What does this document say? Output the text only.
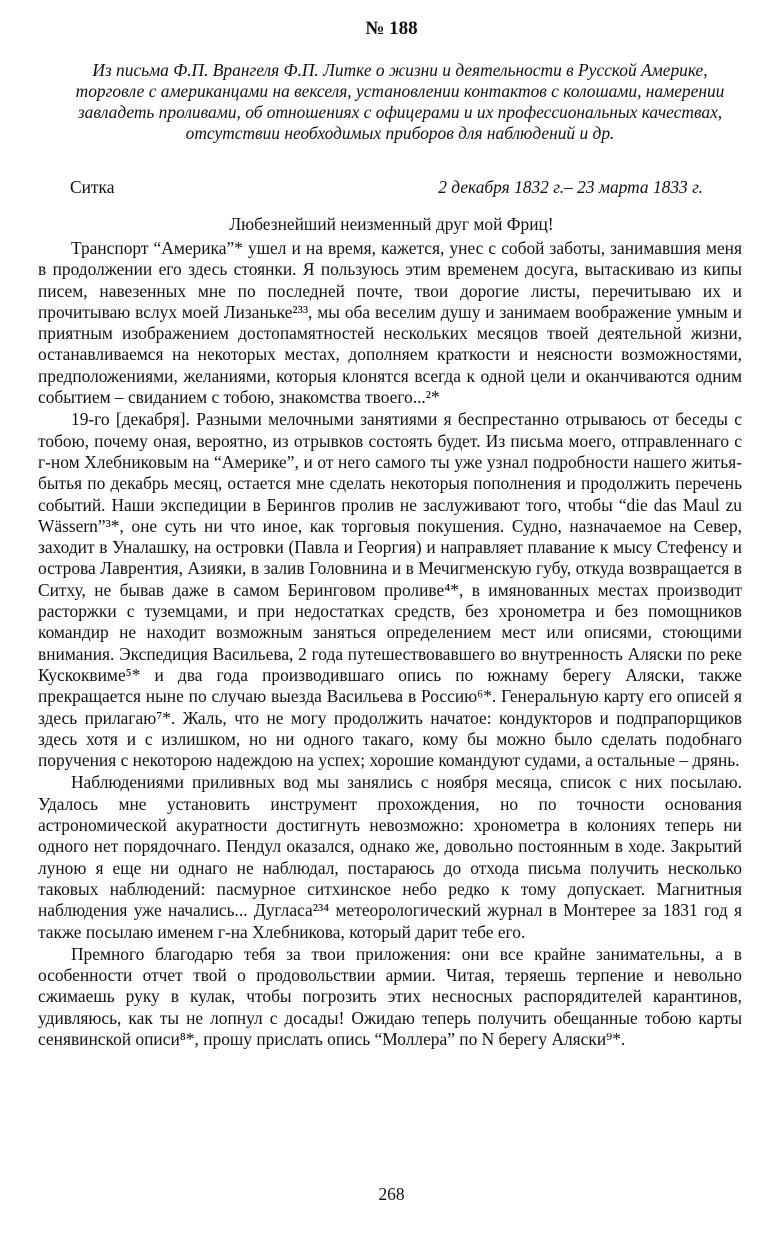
№ 188
Из письма Ф.П. Врангеля Ф.П. Литке о жизни и деятельности в Русской Америке, торговле с американцами на векселя, установлении контактов с колошами, намерении завладеть проливами, об отношениях с офицерами и их профессиональных качествах, отсутствии необходимых приборов для наблюдений и др.
Ситка	2 декабря 1832 г.– 23 марта 1833 г.
Любезнейший неизменный друг мой Фриц!

Транспорт “Америка”* ушел и на время, кажется, унес с собой заботы, занимавшия меня в продолжении его здесь стоянки. Я пользуюсь этим временем досуга, вытаскиваю из кипы писем, навезенных мне по последней почте, твои дорогие листы, перечитываю их и прочитываю вслух моей Лизаньке²³³, мы оба веселим душу и занимаем воображение умным и приятным изображением достопамятностей нескольких месяцов твоей деятельной жизни, останавливаемся на некоторых местах, дополняем краткости и неясности возможностями, предположениями, желаниями, которыя клонятся всегда к одной цели и оканчиваются одним событием – свиданием с тобою, знакомства твоего...²*

19-го [декабря]. Разными мелочными занятиями я беспрестанно отрываюсь от беседы с тобою, почему оная, вероятно, из отрывков состоять будет. Из письма моего, отправленнаго с г-ном Хлебниковым на “Америке”, и от него самого ты уже узнал подробности нашего житья-бытья по декабрь месяц, остается мне сделать некоторыя пополнения и продолжить перечень событий. Наши экспедиции в Берингов пролив не заслуживают того, чтобы “die das Maul zu Wässern”³*, оне суть ни что иное, как торговыя покушения. Судно, назначаемое на Север, заходит в Уналашку, на островки (Павла и Георгия) и направляет плавание к мысу Стефенсу и острова Лаврентия, Азияки, в залив Головнина и в Мечигменскую губу, откуда возвращается в Ситху, не бывав даже в самом Беринговом проливе⁴*, в имянованных местах производит расторжки с туземцами, и при недостатках средств, без хронометра и без помощников командир не находит возможным заняться определением мест или описями, стоющими внимания. Экспедиция Васильева, 2 года путешествовавшего во внутренность Аляски по реке Кускоквиме⁵* и два года производившаго опись по южнаму берегу Аляски, также прекращается ныне по случаю выезда Васильева в Россию⁶*. Генеральную карту его описей я здесь прилагаю⁷*. Жаль, что не могу продолжить начатое: кондукторов и подпрапорщиков здесь хотя и с излишком, но ни одного такаго, кому бы можно было сделать подобнаго поручения с некоторою надеждою на успех; хорошие командуют судами, а остальные – дрянь.

Наблюдениями приливных вод мы занялись с ноября месяца, список с них посылаю. Удалось мне установить инструмент прохождения, но по точности основания астрономической акуратности достигнуть невозможно: хронометра в колониях теперь ни одного нет порядочнаго. Пендул оказался, однако же, довольно постоянным в ходе. Закрытий луною я еще ни однаго не наблюдал, постараюсь до отхода письма получить несколько таковых наблюдений: пасмурное ситхинское небо редко к тому допускает. Магнитныя наблюдения уже начались... Дугласа²³⁴ метеорологический журнал в Монтерее за 1831 год я также посылаю именем г-на Хлебникова, который дарит тебе его.

Премного благодарю тебя за твои приложения: они все крайне занимательны, а в особенности отчет твой о продовольствии армии. Читая, теряешь терпение и невольно сжимаешь руку в кулак, чтобы погрозить этих несносных распорядителей карантинов, удивляюсь, как ты не лопнул с досады! Ожидаю теперь получить обещанные тобою карты сенявинской описи⁸*, прошу прислать опись “Моллера” по N берегу Аляски⁹*.

268
